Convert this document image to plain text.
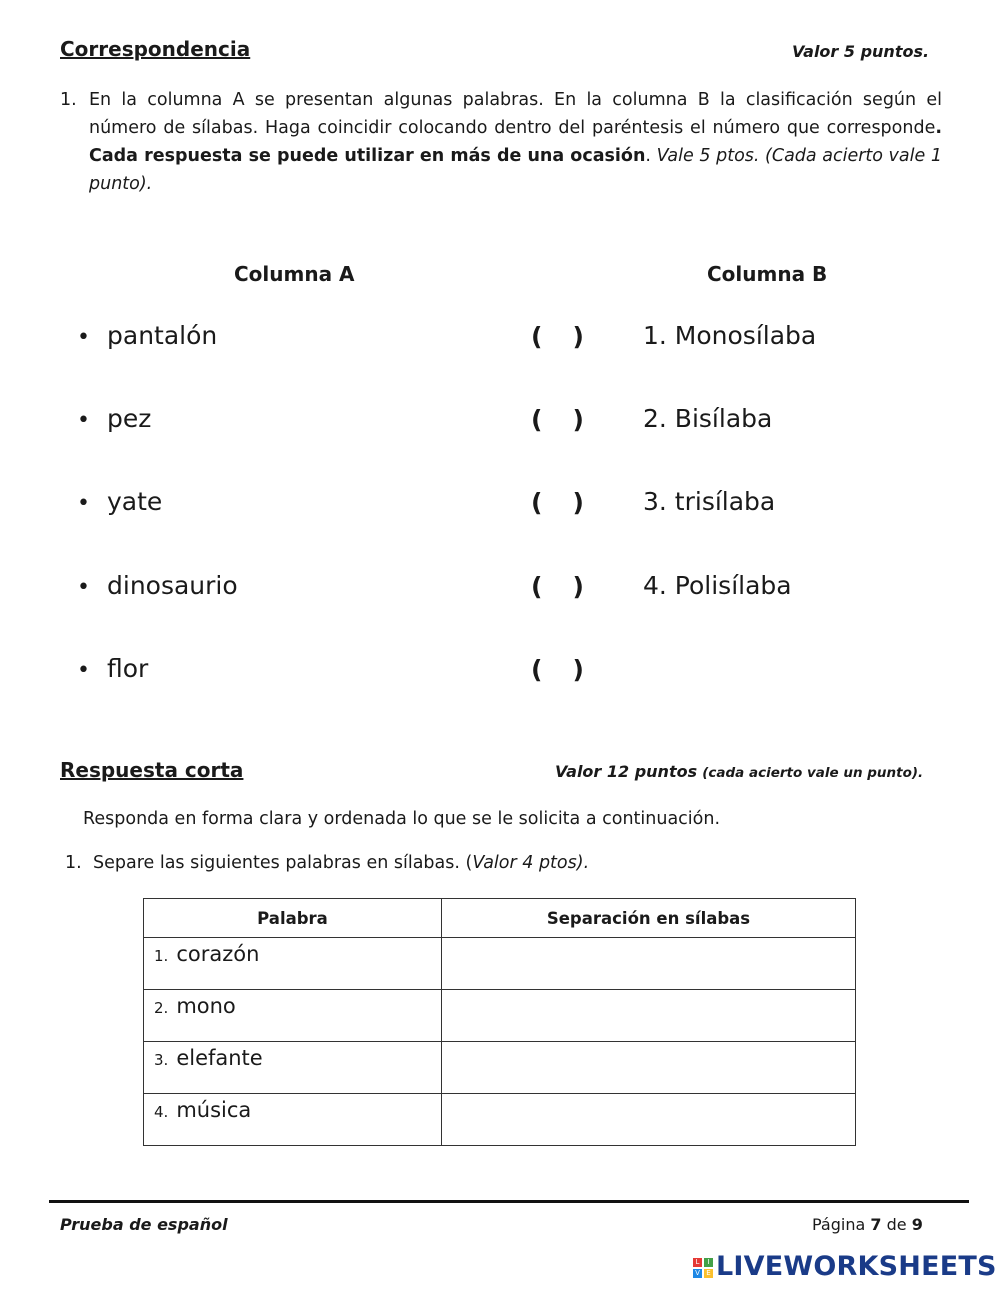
Correspondencia	Valor 5 puntos.
1. En la columna A se presentan algunas palabras. En la columna B la clasificación según el número de sílabas. Haga coincidir colocando dentro del paréntesis el número que corresponde. Cada respuesta se puede utilizar en más de una ocasión. Vale 5 ptos. (Cada acierto vale 1 punto).
Columna A	Columna B
• pantalón	( ) 1. Monosílaba
• pez	( ) 2. Bisílaba
• yate	( ) 3. trisílaba
• dinosaurio	( ) 4. Polisílaba
• flor	( )
Respuesta corta	Valor 12 puntos (cada acierto vale un punto).
Responda en forma clara y ordenada lo que se le solicita a continuación.
1. Separe las siguientes palabras en sílabas. (Valor 4 ptos).
Palabra	Separación en sílabas
1. corazón	
2. mono	
3. elefante	
4. música	
Prueba de español	Página 7 de 9
L IV E LIVEWORKSHEETS
